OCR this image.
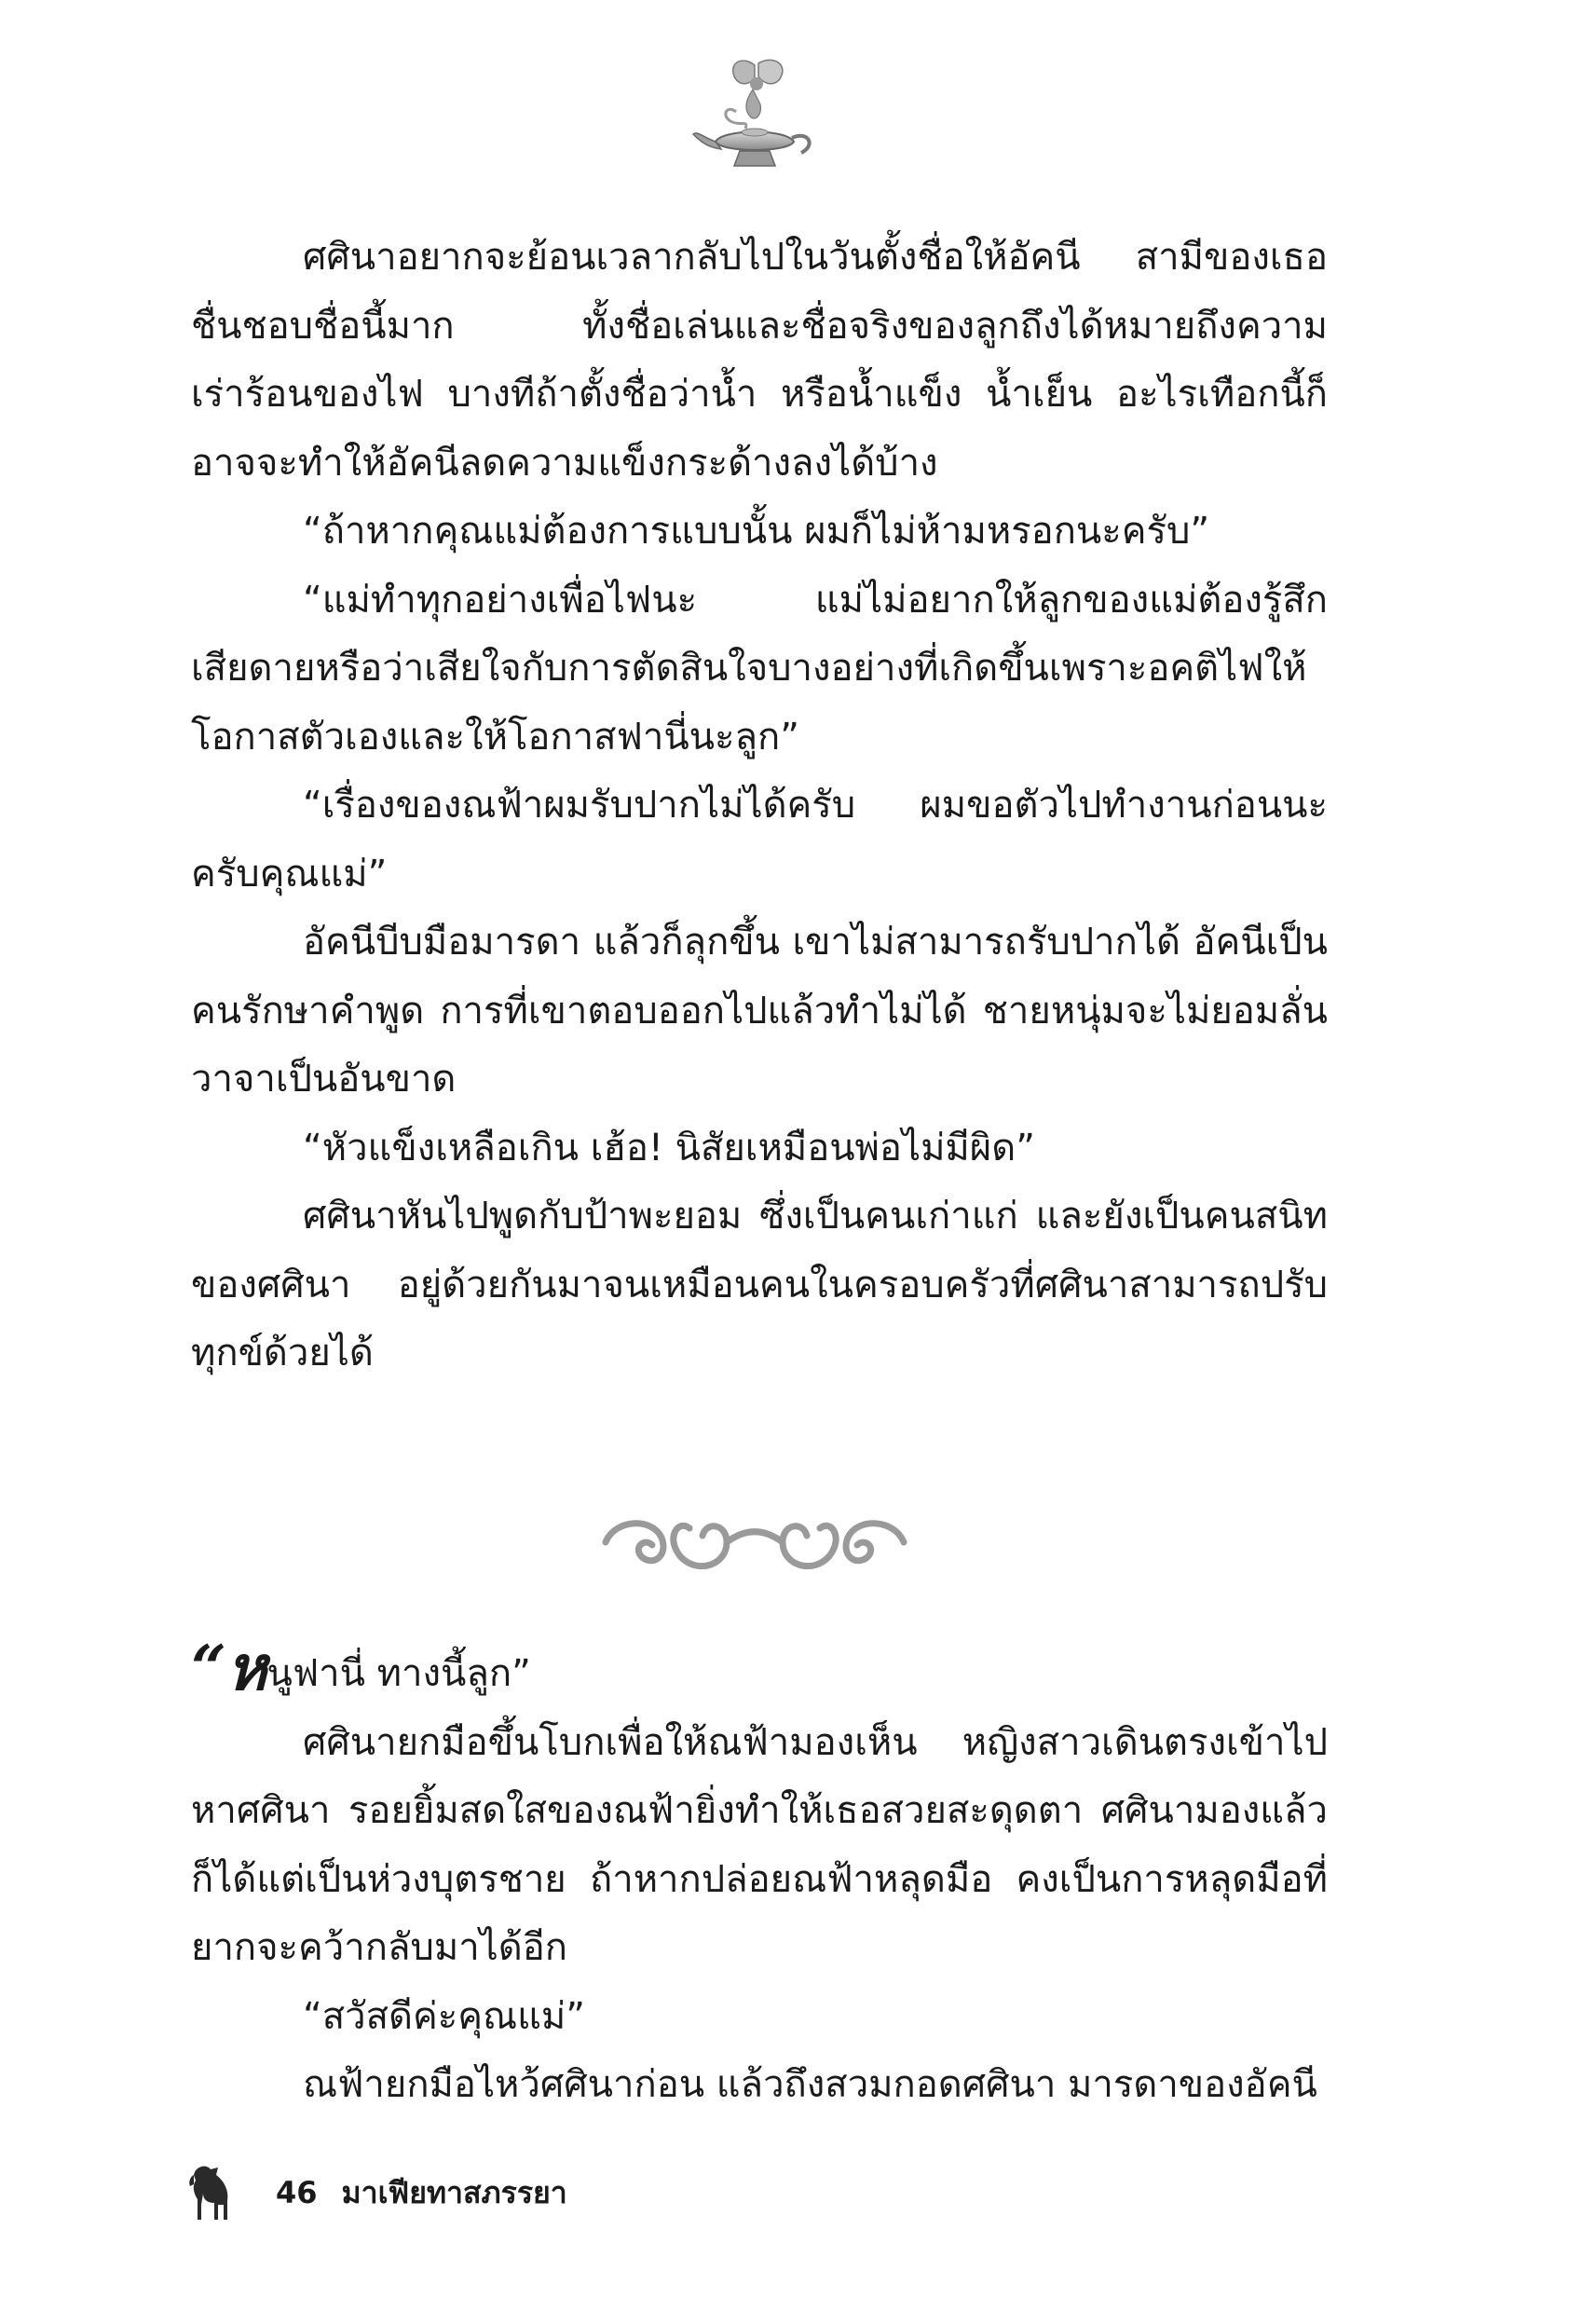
ศศินาอยากจะย้อนเวลากลับไปในวันตั้งชื่อให้อัคนี สามีของเธอชื่นชอบชื่อนี้มาก ทั้งชื่อเล่นและชื่อจริงของลูกถึงได้หมายถึงความเร่าร้อนของไฟ บางทีถ้าตั้งชื่อว่าน้ำ หรือน้ำแข็ง น้ำเย็น อะไรเทือกนี้ก็อาจจะทำให้อัคนีลดความแข็งกระด้างลงได้บ้าง

“ถ้าหากคุณแม่ต้องการแบบนั้น ผมก็ไม่ห้ามหรอกนะครับ”

“แม่ทำทุกอย่างเพื่อไฟนะ แม่ไม่อยากให้ลูกของแม่ต้องรู้สึกเสียดายหรือว่าเสียใจกับการตัดสินใจบางอย่างที่เกิดขึ้นเพราะอคติไฟให้โอกาสตัวเองและให้โอกาสฟานี่นะลูก”

“เรื่องของณฟ้าผมรับปากไม่ได้ครับ ผมขอตัวไปทำงานก่อนนะครับคุณแม่”

อัคนีบีบมือมารดา แล้วก็ลุกขึ้น เขาไม่สามารถรับปากได้ อัคนีเป็นคนรักษาคำพูด การที่เขาตอบออกไปแล้วทำไม่ได้ ชายหนุ่มจะไม่ยอมลั่นวาจาเป็นอันขาด

“หัวแข็งเหลือเกิน เฮ้อ! นิสัยเหมือนพ่อไม่มีผิด”

ศศินาหันไปพูดกับป้าพะยอม ซึ่งเป็นคนเก่าแก่ และยังเป็นคนสนิทของศศินา อยู่ด้วยกันมาจนเหมือนคนในครอบครัวที่ศศินาสามารถปรับทุกข์ด้วยได้

“หนูฟานี่ ทางนี้ลูก”

ศศินายกมือขึ้นโบกเพื่อให้ณฟ้ามองเห็น หญิงสาวเดินตรงเข้าไปหาศศินา รอยยิ้มสดใสของณฟ้ายิ่งทำให้เธอสวยสะดุดตา ศศินามองแล้วก็ได้แต่เป็นห่วงบุตรชาย ถ้าหากปล่อยณฟ้าหลุดมือ คงเป็นการหลุดมือที่ยากจะคว้ากลับมาได้อีก

“สวัสดีค่ะคุณแม่”

ณฟ้ายกมือไหว้ศศินาก่อน แล้วถึงสวมกอดศศินา มารดาของอัคนี

46 มาเฟียทาสภรรยา
